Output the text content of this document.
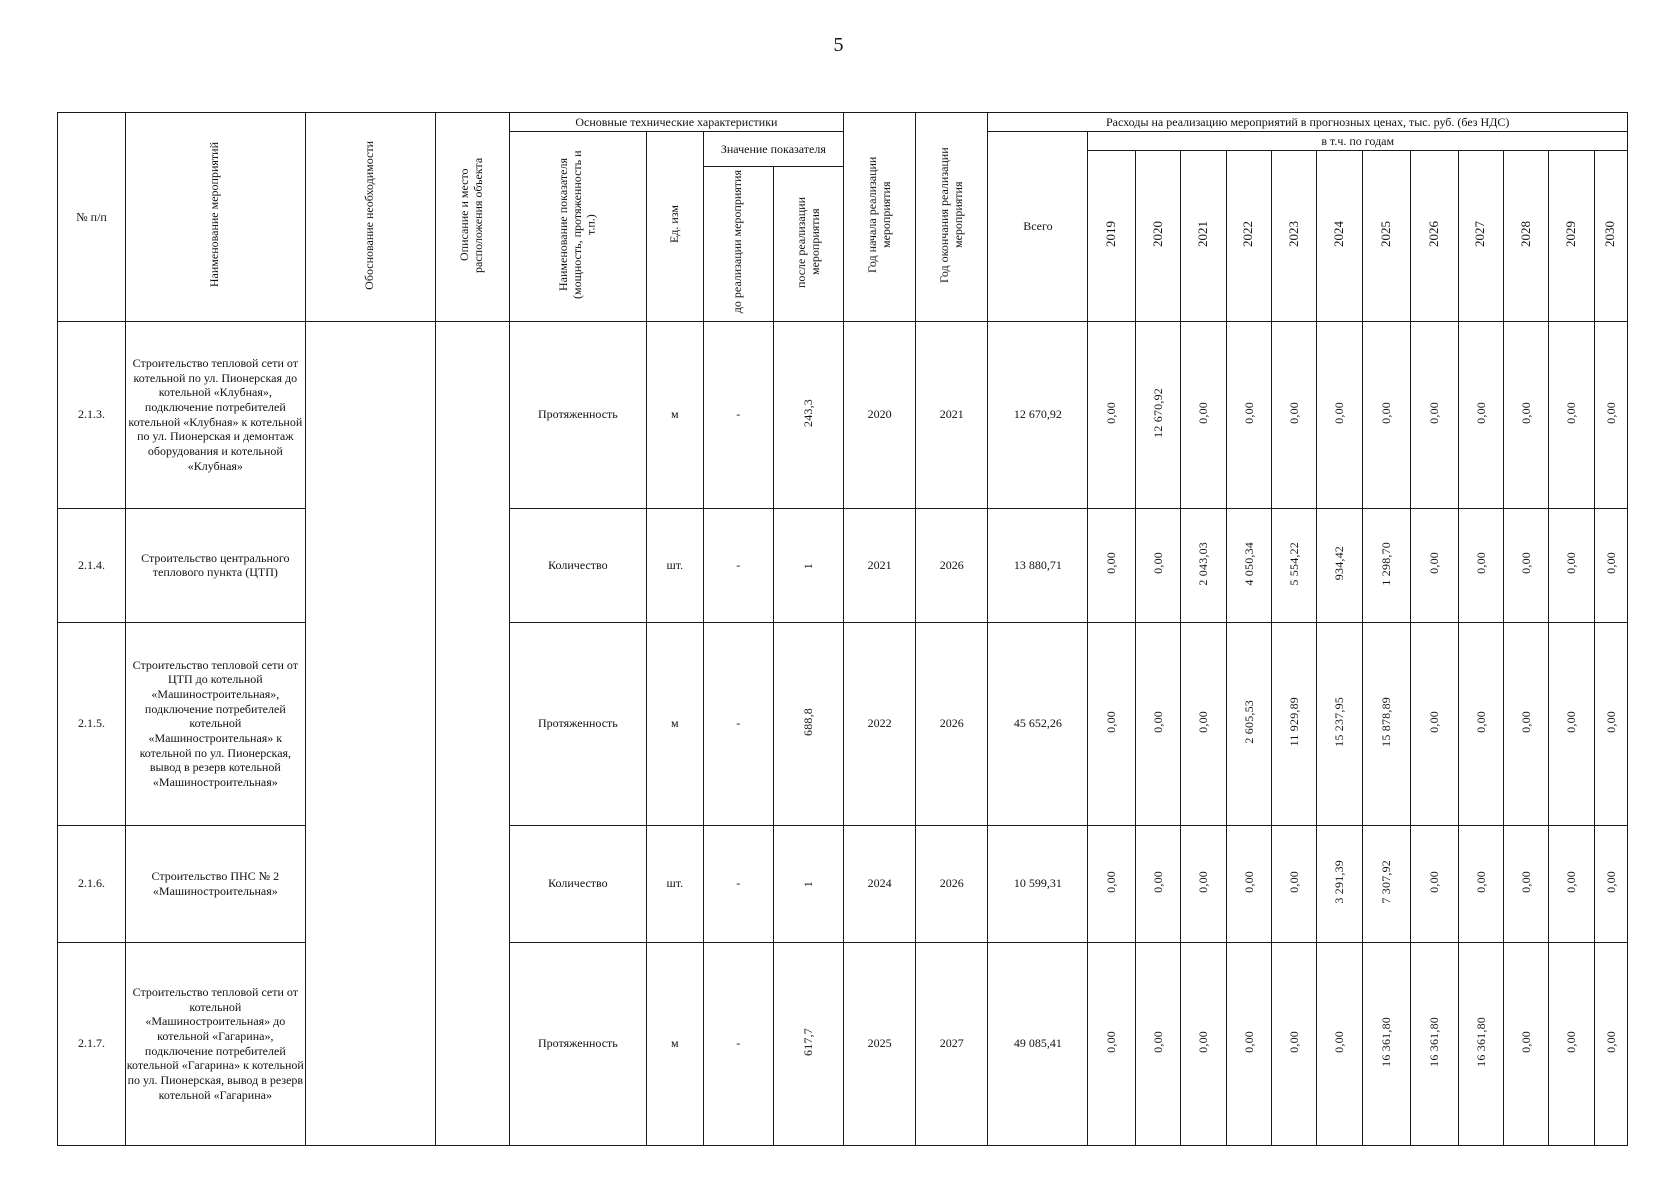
5
№ п/п	Наименование мероприятий	Обоснование необходимости	Описание и место расположения объекта	Основные технические характеристики				Год начала реализации мероприятия	Год окончания реализации мероприятия	Расходы на реализацию мероприятий в прогнозных ценах, тыс. руб. (без НДС)												
				Наименование показателя (мощность, протяженность и т.п.)	Ед. изм	Значение показателя				Всего	в т.ч. по годам											
											2019	2020	2021	2022	2023	2024	2025	2026	2027	2028	2029	2030
						до реализации мероприятия	после реализации мероприятия															
2.1.3.	Строительство тепловой сети от котельной по ул. Пионерская до котельной «Клубная», подключение потребителей котельной «Клубная» к котельной по ул. Пионерская и демонтаж оборудования и котельной «Клубная»			Протяженность	м	-	243,3	2020	2021	12 670,92	0,00	12 670,92	0,00	0,00	0,00	0,00	0,00	0,00	0,00	0,00	0,00	0,00
2.1.4.	Строительство центрального теплового пункта (ЦТП)			Количество	шт.	-	1	2021	2026	13 880,71	0,00	0,00	2 043,03	4 050,34	5 554,22	934,42	1 298,70	0,00	0,00	0,00	0,00	0,00
2.1.5.	Строительство тепловой сети от ЦТП до котельной «Машиностроительная», подключение потребителей котельной «Машиностроительная» к котельной по ул. Пионерская, вывод в резерв котельной «Машиностроительная»			Протяженность	м	-	688,8	2022	2026	45 652,26	0,00	0,00	0,00	2 605,53	11 929,89	15 237,95	15 878,89	0,00	0,00	0,00	0,00	0,00
2.1.6.	Строительство ПНС № 2 «Машиностроительная»			Количество	шт.	-	1	2024	2026	10 599,31	0,00	0,00	0,00	0,00	0,00	3 291,39	7 307,92	0,00	0,00	0,00	0,00	0,00
2.1.7.	Строительство тепловой сети от котельной «Машиностроительная» до котельной «Гагарина», подключение потребителей котельной «Гагарина» к котельной по ул. Пионерская, вывод в резерв котельной «Гагарина»			Протяженность	м	-	617,7	2025	2027	49 085,41	0,00	0,00	0,00	0,00	0,00	0,00	16 361,80	16 361,80	16 361,80	0,00	0,00	0,00
